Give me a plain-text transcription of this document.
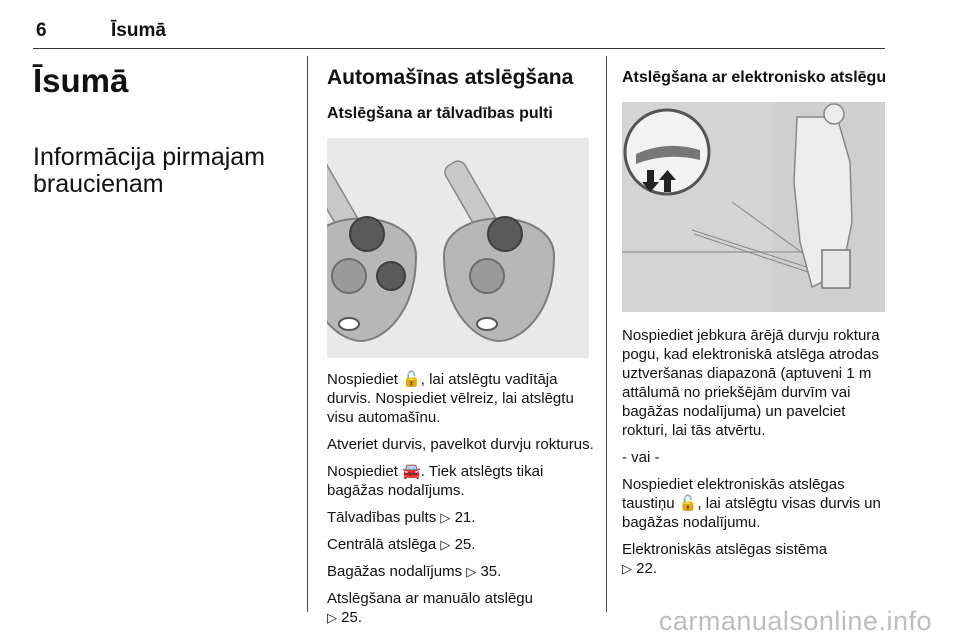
6	Īsumā
Īsumā
Informācija pirmajam braucienam
Automašīnas atslēgšana
Atslēgšana ar tālvadības pulti

Nospiediet 🔓, lai atslēgtu vadītāja durvis. Nospiediet vēlreiz, lai atslēgtu visu automašīnu.

Atveriet durvis, pavelkot durvju rokturus.

Nospiediet 🚘. Tiek atslēgts tikai bagāžas nodalījums.

Tālvadības pults ▷ 21.

Centrālā atslēga ▷ 25.

Bagāžas nodalījums ▷ 35.

Atslēgšana ar manuālo atslēgu
▷ 25.

Atslēgšana ar elektronisko atslēgu

Nospiediet jebkura ārējā durvju roktura pogu, kad elektroniskā atslēga atrodas uztveršanas diapazonā (aptuveni 1 m attālumā no priekšējām durvīm vai bagāžas nodalījuma) un pavelciet rokturi, lai tās atvērtu.

- vai -

Nospiediet elektroniskās atslēgas taustiņu 🔓, lai atslēgtu visas durvis un bagāžas nodalījumu.

Elektroniskās atslēgas sistēma
▷ 22.

carmanualsonline.info
